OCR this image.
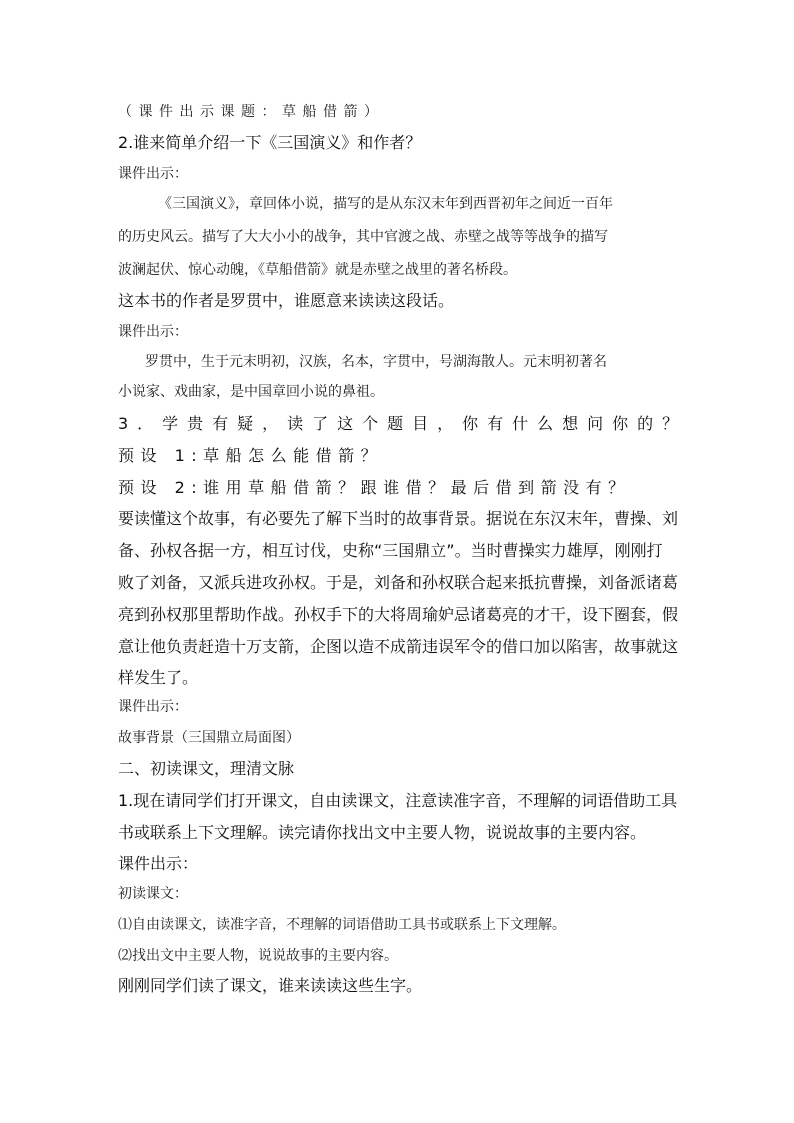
（课件出示课题：草船借箭）
2.谁来简单介绍一下《三国演义》和作者？
课件出示：
《三国演义》，章回体小说，描写的是从东汉末年到西晋初年之间近一百年
的历史风云。描写了大大小小的战争，其中官渡之战、赤壁之战等等战争的描写
波澜起伏、惊心动魄，《草船借箭》就是赤壁之战里的著名桥段。
这本书的作者是罗贯中，谁愿意来读读这段话。
课件出示：
罗贯中，生于元末明初，汉族，名本，字贯中，号湖海散人。元末明初著名
小说家、戏曲家，是中国章回小说的鼻祖。
3．学贵有疑，读了这个题目，你有什么想问你的？
预设 1:草船怎么能借箭？
预设 2:谁用草船借箭？跟谁借？最后借到箭没有？
要读懂这个故事，有必要先了解下当时的故事背景。据说在东汉末年，曹操、刘
备、孙权各据一方，相互讨伐，史称“三国鼎立”。当时曹操实力雄厚，刚刚打
败了刘备，又派兵进攻孙权。于是，刘备和孙权联合起来抵抗曹操，刘备派诸葛
亮到孙权那里帮助作战。孙权手下的大将周瑜妒忌诸葛亮的才干，设下圈套，假
意让他负责赶造十万支箭，企图以造不成箭违误军令的借口加以陷害，故事就这
样发生了。
课件出示：
故事背景（三国鼎立局面图）
二、初读课文，理清文脉
1.现在请同学们打开课文，自由读课文，注意读准字音，不理解的词语借助工具
书或联系上下文理解。读完请你找出文中主要人物，说说故事的主要内容。
课件出示：
初读课文：
⑴自由读课文，读准字音，不理解的词语借助工具书或联系上下文理解。
⑵找出文中主要人物，说说故事的主要内容。
刚刚同学们读了课文，谁来读读这些生字。
